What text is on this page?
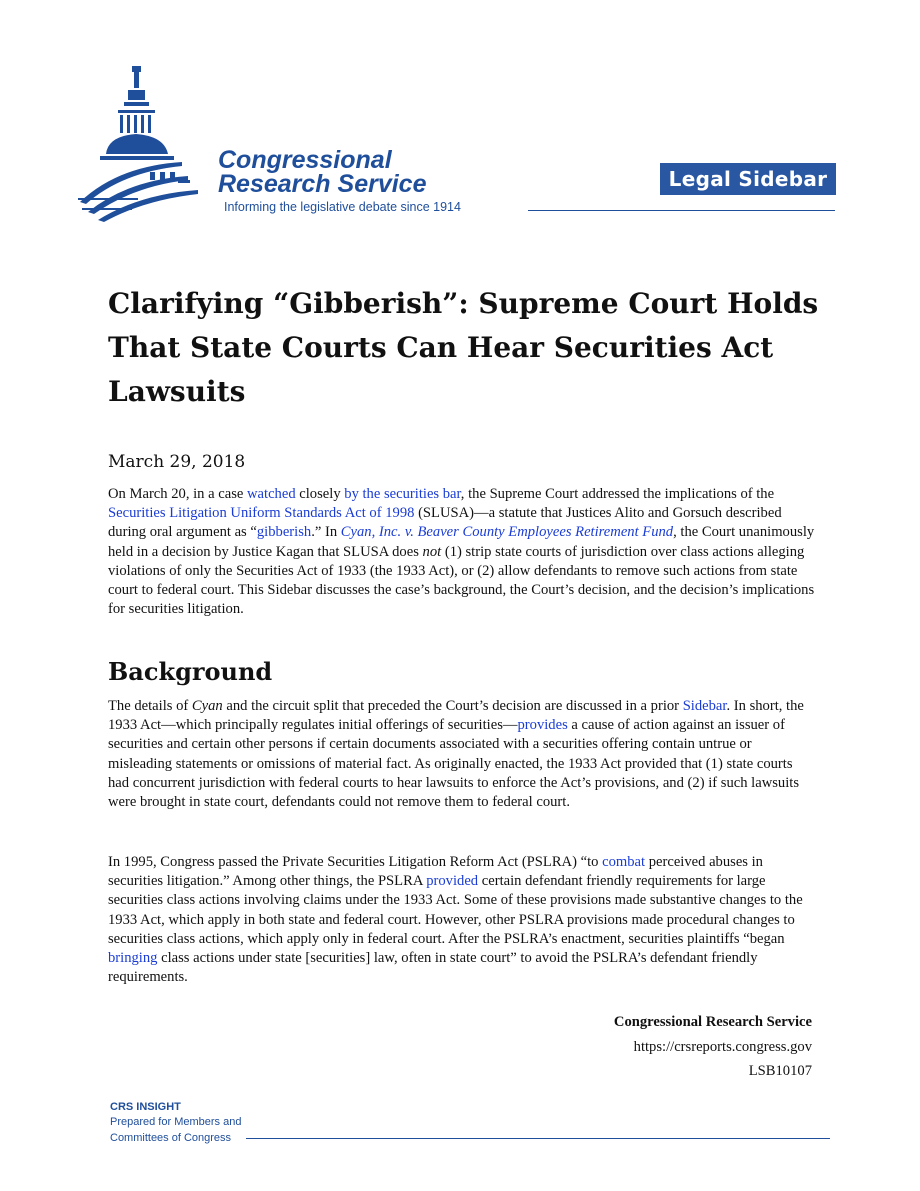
Congressional
Research Service
Informing the legislative debate since 1914
Legal Sidebar
Clarifying “Gibberish”: Supreme Court Holds That State Courts Can Hear Securities Act Lawsuits

March 29, 2018

On March 20, in a case watched closely by the securities bar, the Supreme Court addressed the implications of the Securities Litigation Uniform Standards Act of 1998 (SLUSA)—a statute that Justices Alito and Gorsuch described during oral argument as “gibberish.” In Cyan, Inc. v. Beaver County Employees Retirement Fund, the Court unanimously held in a decision by Justice Kagan that SLUSA does not (1) strip state courts of jurisdiction over class actions alleging violations of only the Securities Act of 1933 (the 1933 Act), or (2) allow defendants to remove such actions from state court to federal court. This Sidebar discusses the case’s background, the Court’s decision, and the decision’s implications for securities litigation.

Background

The details of Cyan and the circuit split that preceded the Court’s decision are discussed in a prior Sidebar. In short, the 1933 Act—which principally regulates initial offerings of securities—provides a cause of action against an issuer of securities and certain other persons if certain documents associated with a securities offering contain untrue or misleading statements or omissions of material fact. As originally enacted, the 1933 Act provided that (1) state courts had concurrent jurisdiction with federal courts to hear lawsuits to enforce the Act’s provisions, and (2) if such lawsuits were brought in state court, defendants could not remove them to federal court.

In 1995, Congress passed the Private Securities Litigation Reform Act (PSLRA) “to combat perceived abuses in securities litigation.” Among other things, the PSLRA provided certain defendant friendly requirements for large securities class actions involving claims under the 1933 Act. Some of these provisions made substantive changes to the 1933 Act, which apply in both state and federal court. However, other PSLRA provisions made procedural changes to securities class actions, which apply only in federal court. After the PSLRA’s enactment, securities plaintiffs “began bringing class actions under state [securities] law, often in state court” to avoid the PSLRA’s defendant friendly requirements.

Congressional Research Service
https://crsreports.congress.gov
LSB10107
CRS INSIGHT
Prepared for Members and
Committees of Congress
